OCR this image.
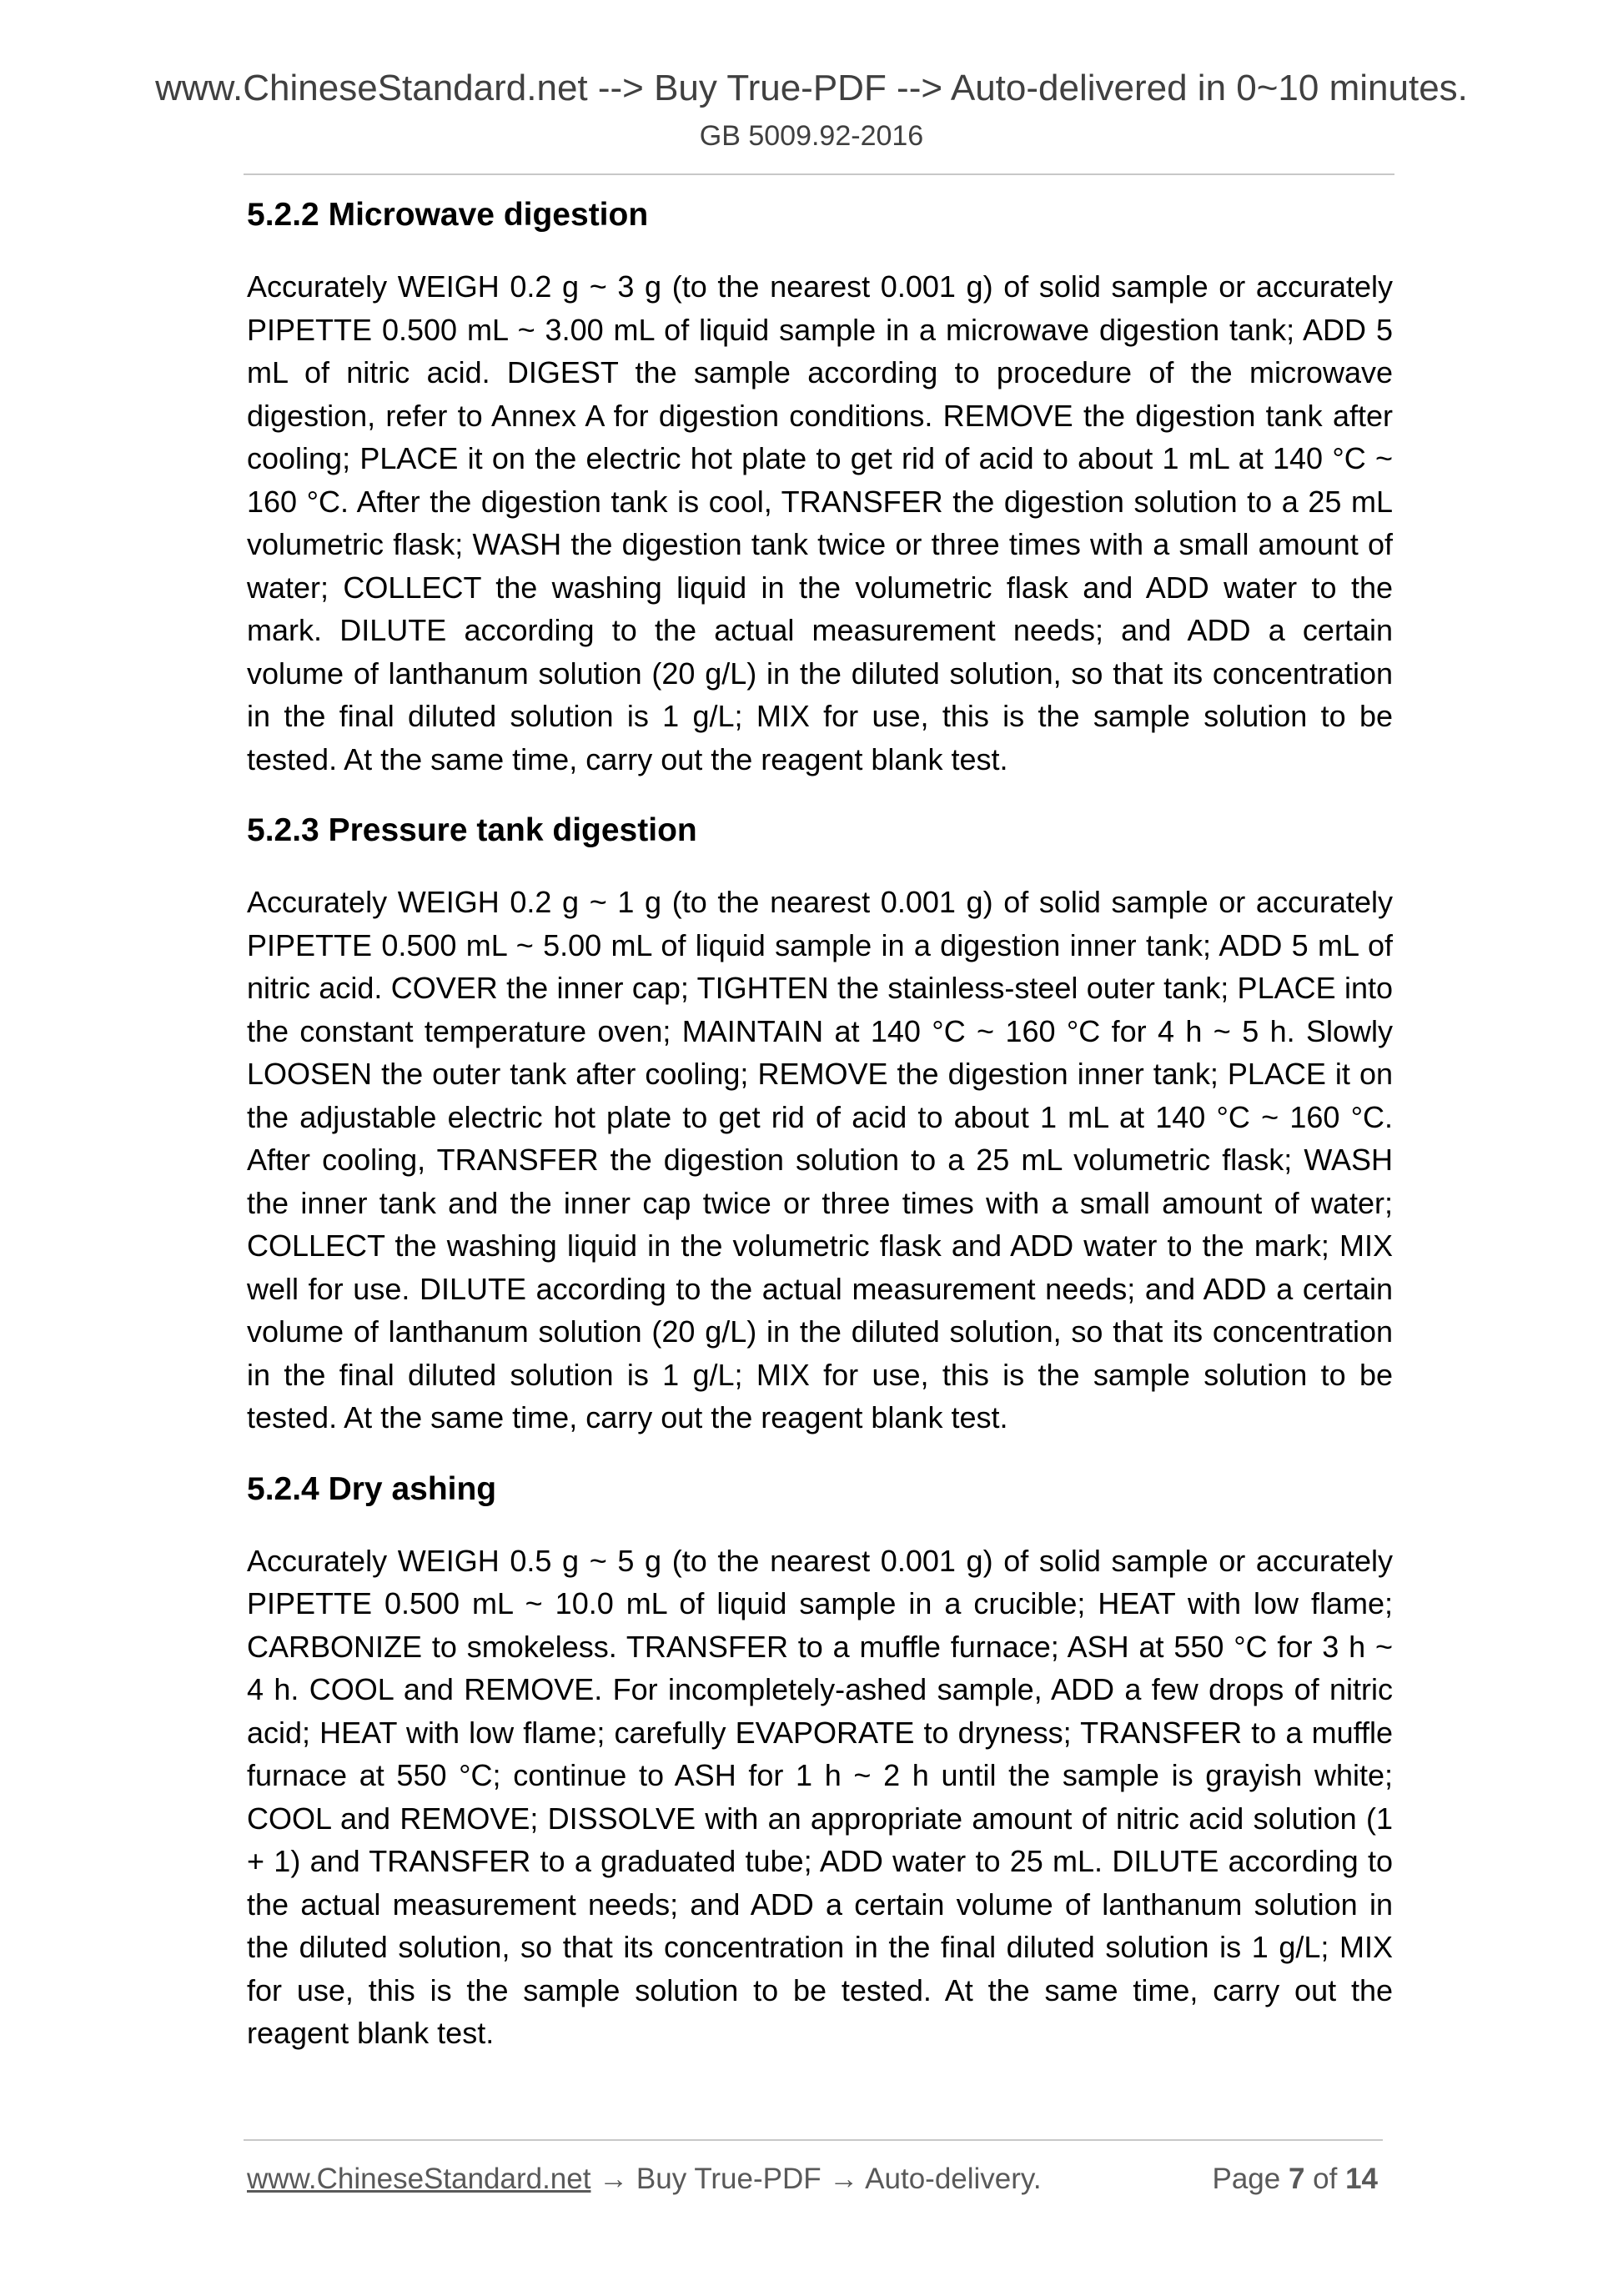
www.ChineseStandard.net --> Buy True-PDF --> Auto-delivered in 0~10 minutes.
GB 5009.92-2016
5.2.2 Microwave digestion

Accurately WEIGH 0.2 g ~ 3 g (to the nearest 0.001 g) of solid sample or accurately PIPETTE 0.500 mL ~ 3.00 mL of liquid sample in a microwave digestion tank; ADD 5 mL of nitric acid. DIGEST the sample according to procedure of the microwave digestion, refer to Annex A for digestion conditions. REMOVE the digestion tank after cooling; PLACE it on the electric hot plate to get rid of acid to about 1 mL at 140 °C ~ 160 °C. After the digestion tank is cool, TRANSFER the digestion solution to a 25 mL volumetric flask; WASH the digestion tank twice or three times with a small amount of water; COLLECT the washing liquid in the volumetric flask and ADD water to the mark. DILUTE according to the actual measurement needs; and ADD a certain volume of lanthanum solution (20 g/L) in the diluted solution, so that its concentration in the final diluted solution is 1 g/L; MIX for use, this is the sample solution to be tested. At the same time, carry out the reagent blank test.

5.2.3 Pressure tank digestion

Accurately WEIGH 0.2 g ~ 1 g (to the nearest 0.001 g) of solid sample or accurately PIPETTE 0.500 mL ~ 5.00 mL of liquid sample in a digestion inner tank; ADD 5 mL of nitric acid. COVER the inner cap; TIGHTEN the stainless-steel outer tank; PLACE into the constant temperature oven; MAINTAIN at 140 °C ~ 160 °C for 4 h ~ 5 h. Slowly LOOSEN the outer tank after cooling; REMOVE the digestion inner tank; PLACE it on the adjustable electric hot plate to get rid of acid to about 1 mL at 140 °C ~ 160 °C. After cooling, TRANSFER the digestion solution to a 25 mL volumetric flask; WASH the inner tank and the inner cap twice or three times with a small amount of water; COLLECT the washing liquid in the volumetric flask and ADD water to the mark; MIX well for use. DILUTE according to the actual measurement needs; and ADD a certain volume of lanthanum solution (20 g/L) in the diluted solution, so that its concentration in the final diluted solution is 1 g/L; MIX for use, this is the sample solution to be tested. At the same time, carry out the reagent blank test.

5.2.4 Dry ashing

Accurately WEIGH 0.5 g ~ 5 g (to the nearest 0.001 g) of solid sample or accurately PIPETTE 0.500 mL ~ 10.0 mL of liquid sample in a crucible; HEAT with low flame; CARBONIZE to smokeless. TRANSFER to a muffle furnace; ASH at 550 °C for 3 h ~ 4 h. COOL and REMOVE. For incompletely-ashed sample, ADD a few drops of nitric acid; HEAT with low flame; carefully EVAPORATE to dryness; TRANSFER to a muffle furnace at 550 °C; continue to ASH for 1 h ~ 2 h until the sample is grayish white; COOL and REMOVE; DISSOLVE with an appropriate amount of nitric acid solution (1 + 1) and TRANSFER to a graduated tube; ADD water to 25 mL. DILUTE according to the actual measurement needs; and ADD a certain volume of lanthanum solution in the diluted solution, so that its concentration in the final diluted solution is 1 g/L; MIX for use, this is the sample solution to be tested. At the same time, carry out the reagent blank test.

www.ChineseStandard.net → Buy True-PDF → Auto-delivery.	Page 7 of 14
